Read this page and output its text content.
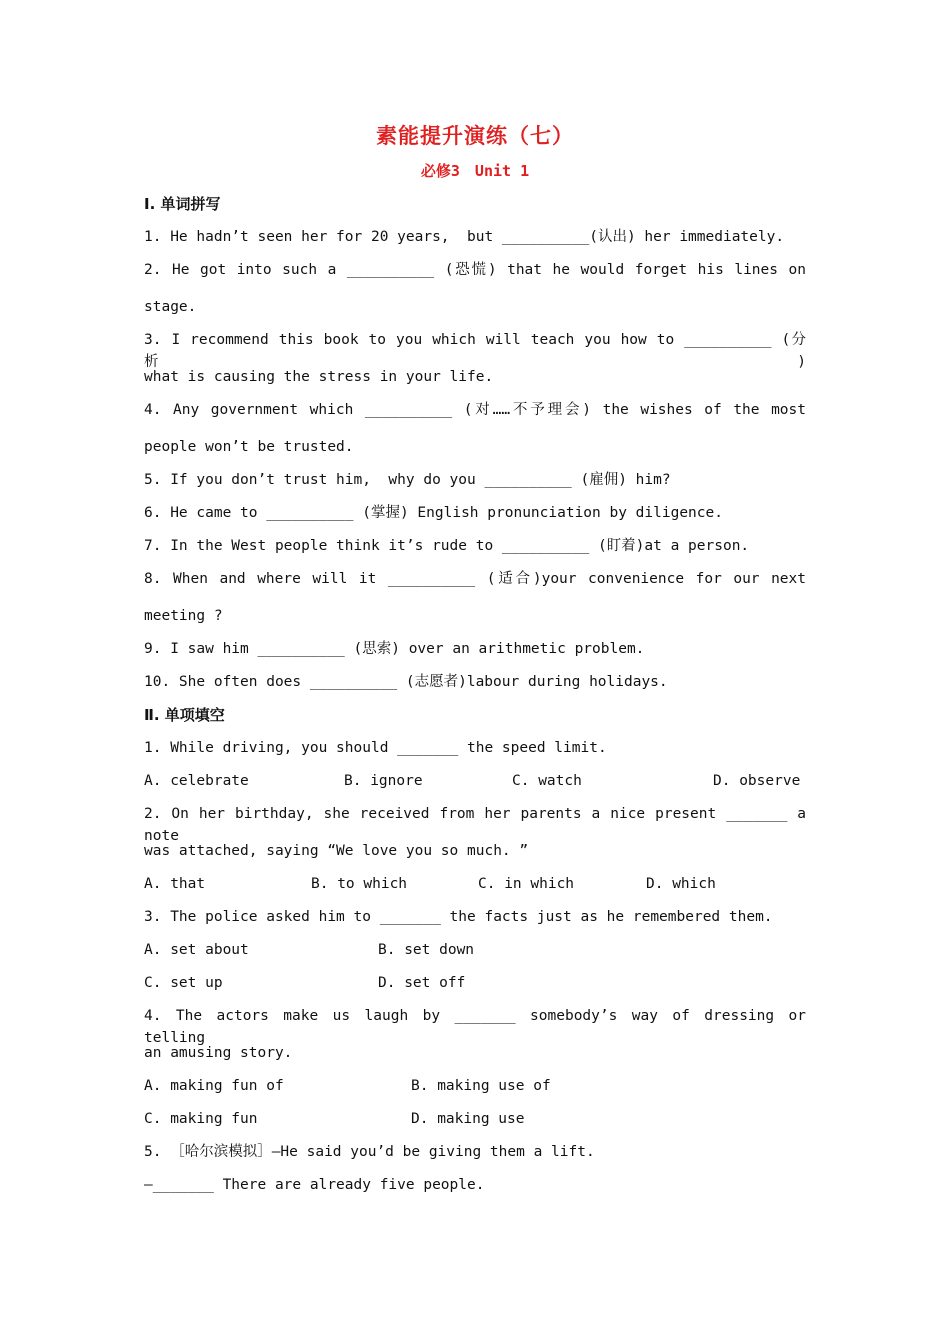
素能提升演练（七）
必修3　Unit 1
Ⅰ. 单词拼写
1. He hadn’t seen her for 20 years,  but __________(认出) her immediately.
2. He got into such a __________ (恐慌) that he would forget his lines on
stage.
3. I recommend this book to you which will teach you how to __________ (分析)
what is causing the stress in your life.
4. Any government which __________ (对……不予理会) the wishes of the most
people won’t be trusted.
5. If you don’t trust him,  why do you __________ (雇佣) him?
6. He came to __________ (掌握) English pronunciation by diligence.
7. In the West people think it’s rude to __________ (盯着)at a person.
8. When and where will it __________ (适合)your convenience for our next
meeting ?
9. I saw him __________ (思索) over an arithmetic problem.
10. She often does __________ (志愿者)labour during holidays.
Ⅱ. 单项填空
1. While driving, you should _______ the speed limit.

A. celebrate

	B. ignore

	C. watch

	D. observe

2. On her birthday, she received from her parents a nice present _______ a note
was attached, saying “We love you so much. ”

A. that

	B. to which

	C. in which

	D. which

3. The police asked him to _______ the facts just as he remembered them.

A. set about

	B. set down

C. set up

	D. set off

4. The actors make us laugh by _______ somebody’s way of dressing or telling
an amusing story.

A. making fun of

	B. making use of

C. making fun

	D. making use

5. ［哈尔滨模拟］—He said you’d be giving them a lift.
—_______ There are already five people.
